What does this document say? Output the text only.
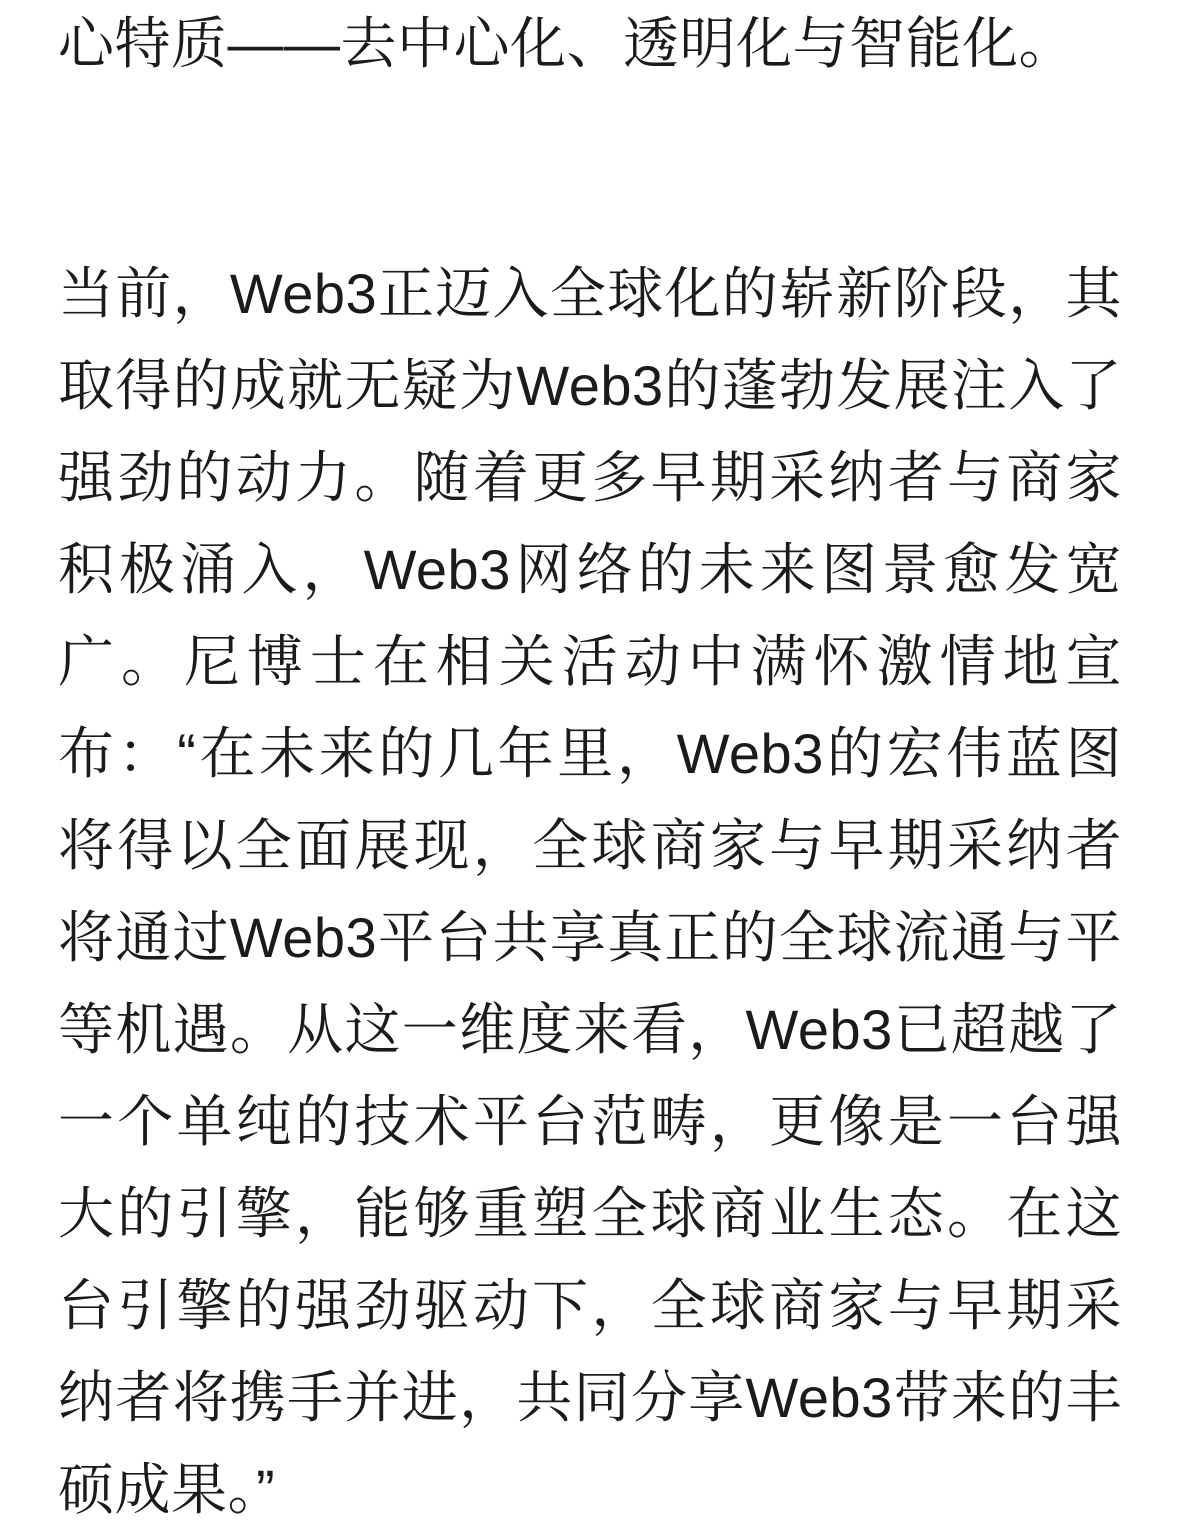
心特质——去中心化、透明化与智能化。

当前，Web3正迈入全球化的崭新阶段，其取得的成就无疑为Web3的蓬勃发展注入了强劲的动力。随着更多早期采纳者与商家积极涌入，Web3网络的未来图景愈发宽广。尼博士在相关活动中满怀激情地宣布：“在未来的几年里，Web3的宏伟蓝图将得以全面展现，全球商家与早期采纳者将通过Web3平台共享真正的全球流通与平等机遇。从这一维度来看，Web3已超越了一个单纯的技术平台范畴，更像是一台强大的引擎，能够重塑全球商业生态。在这台引擎的强劲驱动下，全球商家与早期采纳者将携手并进，共同分享Web3带来的丰硕成果。”
